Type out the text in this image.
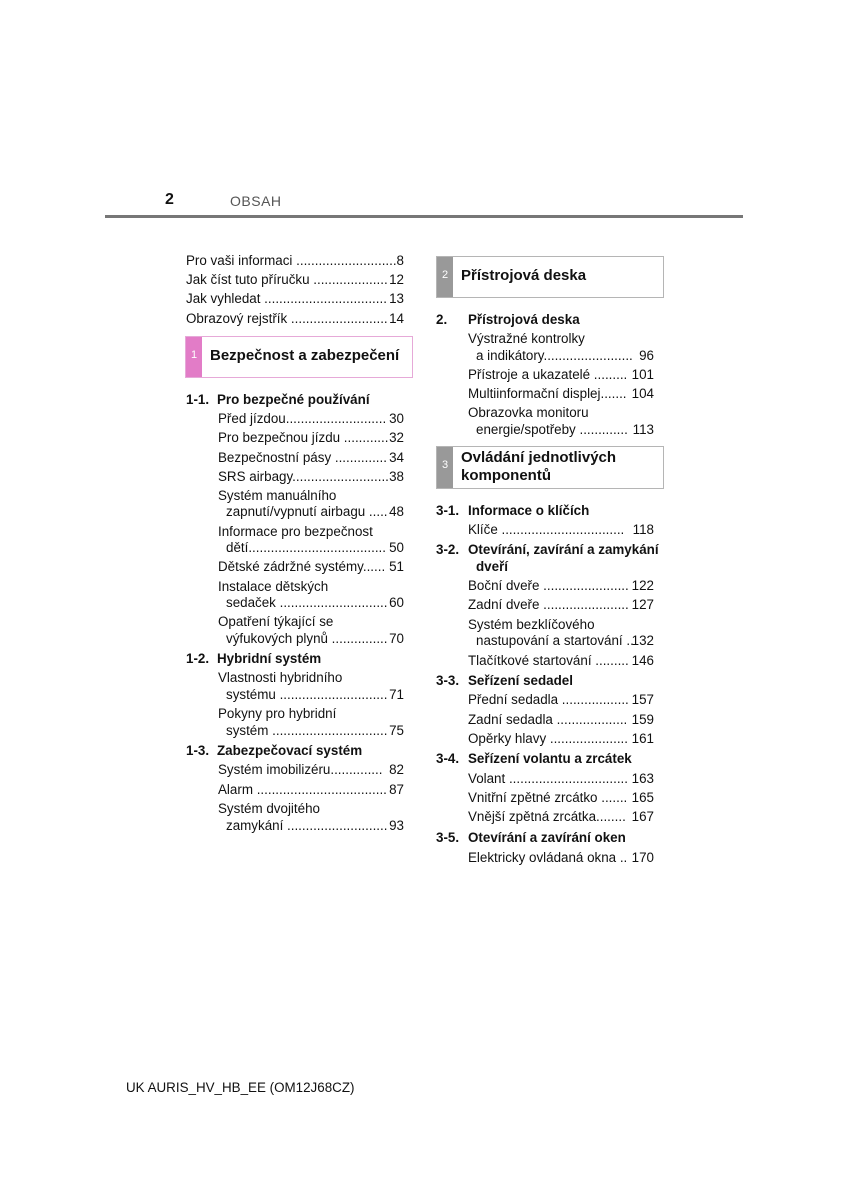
2	OBSAH
Pro vaši informaci ........................... 8
Jak číst tuto příručku .................... 12
Jak vyhledat ................................. 13
Obrazový rejstřík .......................... 14
1 Bezpečnost a zabezpečení
1-1. Pro bezpečné používání
Před jízdou........................... 30
Pro bezpečnou jízdu ............ 32
Bezpečnostní pásy .............. 34
SRS airbagy.......................... 38
Systém manuálního
zapnutí/vypnutí airbagu ..... 48
Informace pro bezpečnost
dětí..................................... 50
Dětské zádržné systémy...... 51
Instalace dětských
sedaček ............................. 60
Opatření týkající se
výfukových plynů ............... 70
1-2. Hybridní systém
Vlastnosti hybridního
systému ............................. 71
Pokyny pro hybridní
systém ............................... 75
1-3. Zabezpečovací systém
Systém imobilizéru.............. 82
Alarm ................................... 87
Systém dvojitého
zamykání ........................... 93
2 Přístrojová deska
3 Ovládání jednotlivých
komponentů
2. Přístrojová deska
Výstražné kontrolky
a indikátory........................ 96
Přístroje a ukazatelé ......... 101
Multiinformační displej....... 104
Obrazovka monitoru
energie/spotřeby ............. 113
3-1. Informace o klíčích
Klíče ................................. 118
3-2. Otevírání, zavírání a zamykání
dveří
Boční dveře ....................... 122
Zadní dveře ....................... 127
Systém bezklíčového
nastupování a startování ..
132
Tlačítkové startování ......... 146
3-3. Seřízení sedadel
Přední sedadla .................. 157
Zadní sedadla ................... 159
Opěrky hlavy ..................... 161
3-4. Seřízení volantu a zrcátek
Volant ................................ 163
Vnitřní zpětné zrcátko ....... 165
Vnější zpětná zrcátka........ 167
3-5. Otevírání a zavírání oken
Elektricky ovládaná okna .. 170
UK AURIS_HV_HB_EE (OM12J68CZ)
